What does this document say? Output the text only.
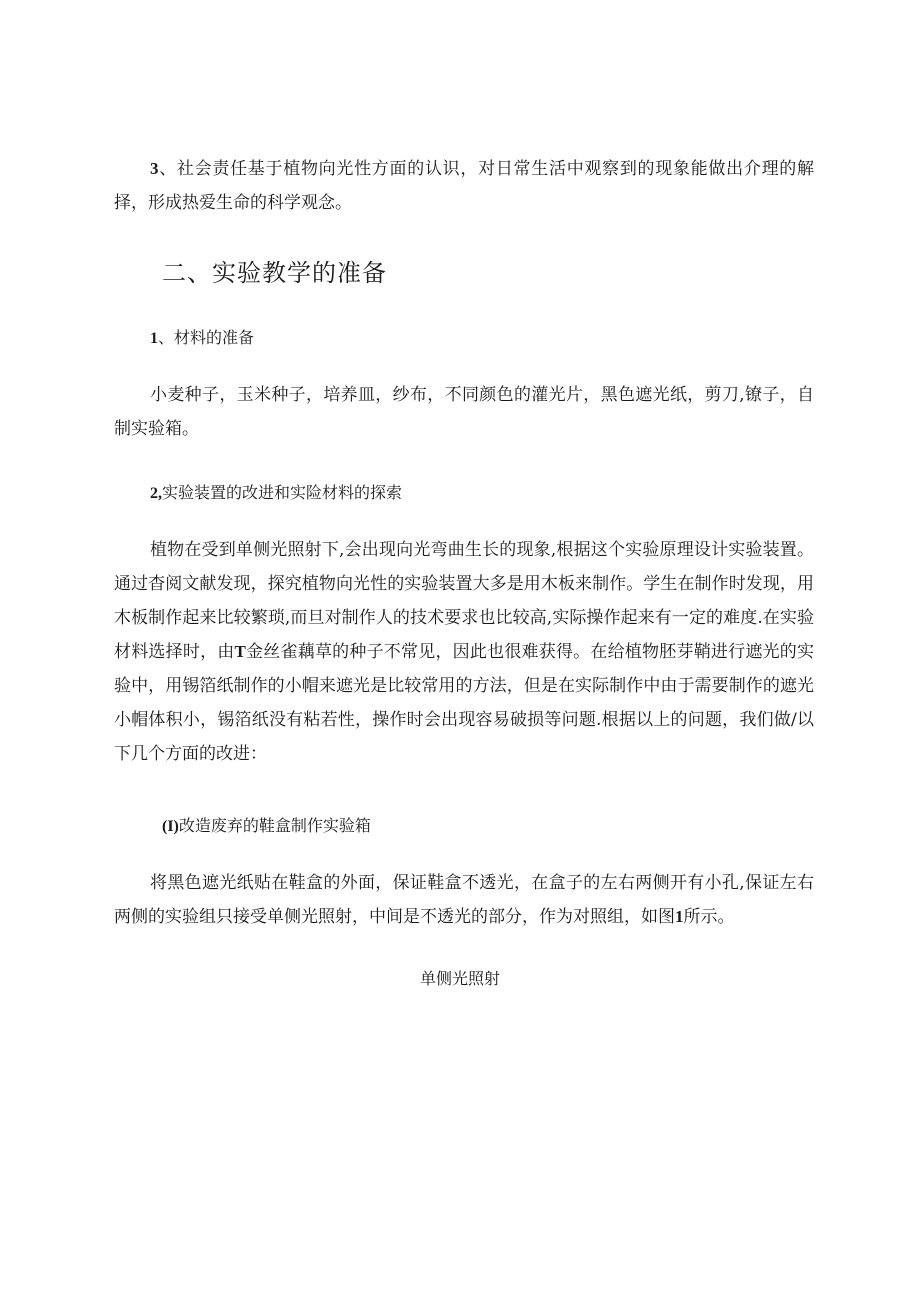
3、社会责任基于植物向光性方面的认识，对日常生活中观察到的现象能做出介理的解择，形成热爱生命的科学观念。

二、实验教学的准备

1、材料的准备

小麦种子，玉米种子，培养皿，纱布，不同颜色的灌光片，黑色遮光纸，剪刀,镣子，自制实验箱。

2,实验装置的改进和实险材料的探索

植物在受到单侧光照射下,会出现向光弯曲生长的现象,根据这个实验原理设计实验装置。通过杳阅文献发现，探究植物向光性的实验装置大多是用木板来制作。学生在制作时发现，用木板制作起来比较繁琐,而旦对制作人的技术要求也比较高,实际操作起来有一定的难度.在实验材料选择时，由T金丝雀藕草的种子不常见，因此也很难获得。在给植物胚芽鞘进行遮光的实验中，用锡箔纸制作的小帽来遮光是比较常用的方法，但是在实际制作中由于需要制作的遮光小帽体积小，锡箔纸没有粘若性，操作时会出现容易破损等问题.根据以上的问题，我们做/以下几个方面的改进：

(I)改造废弃的鞋盒制作实验箱

将黑色遮光纸贴在鞋盒的外面，保证鞋盒不透光，在盒子的左右两侧开有小孔,保证左右两侧的实验组只接受单侧光照射，中间是不透光的部分，作为对照组，如图1所示。

单侧光照射
